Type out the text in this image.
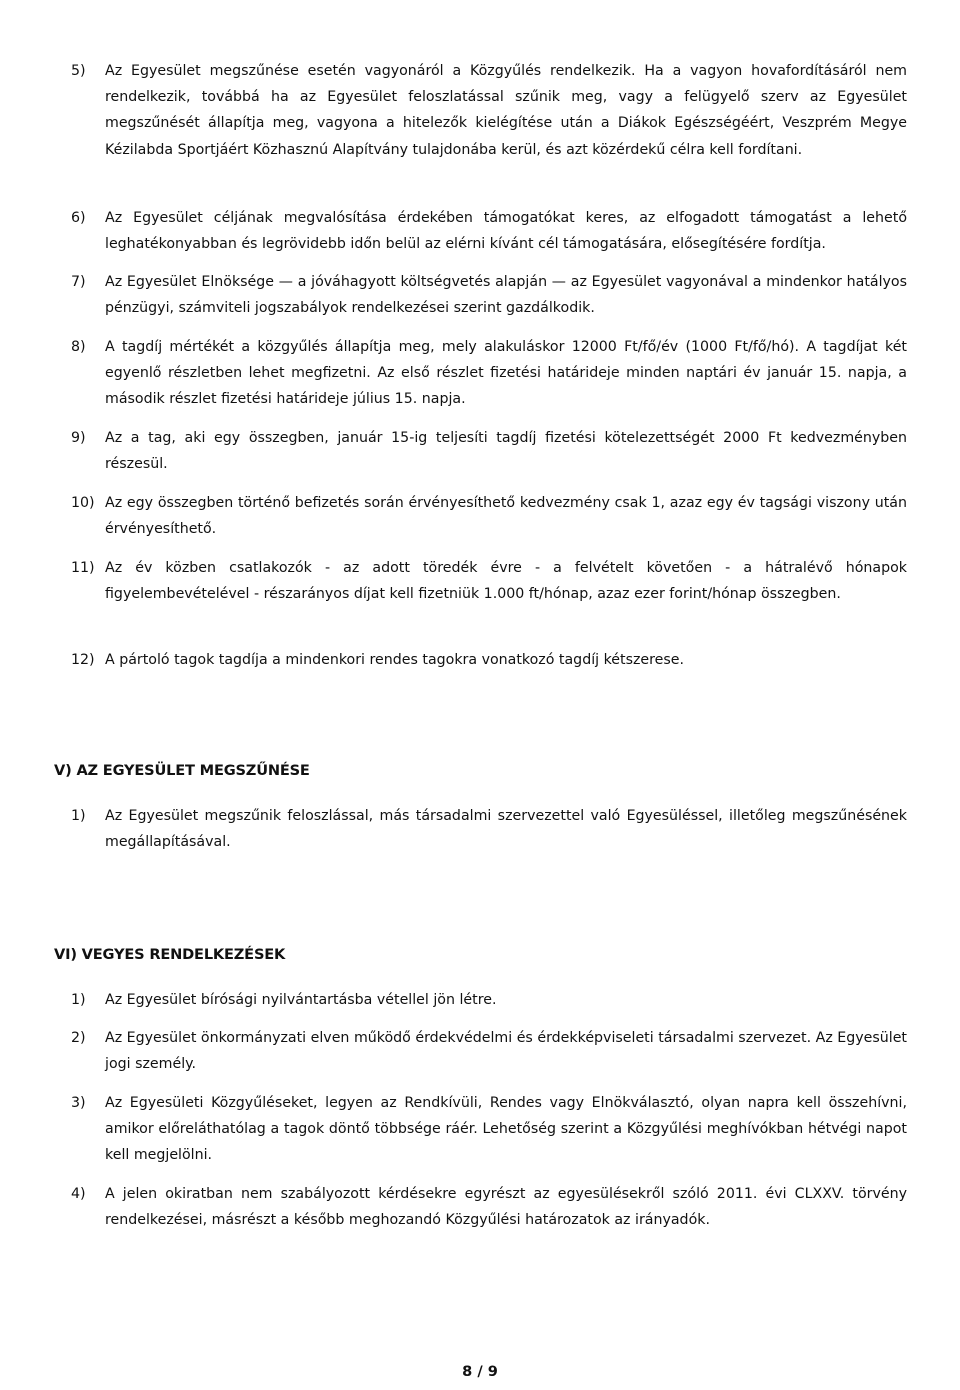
5)	Az Egyesület megszűnése esetén vagyonáról a Közgyűlés rendelkezik. Ha a vagyon hovafordításáról nem rendelkezik, továbbá ha az Egyesület feloszlatással szűnik meg, vagy a felügyelő szerv az Egyesület megszűnését állapítja meg, vagyona a hitelezők kielégítése után a Diákok Egészségéért, Veszprém Megye Kézilabda Sportjáért Közhasznú Alapítvány tulajdonába kerül, és azt közérdekű célra kell fordítani.
6)	Az Egyesület céljának megvalósítása érdekében támogatókat keres, az elfogadott támogatást a lehető leghatékonyabban és legrövidebb időn belül az elérni kívánt cél támogatására, elősegítésére fordítja.
7)	Az Egyesület Elnöksége — a jóváhagyott költségvetés alapján — az Egyesület vagyonával a mindenkor hatályos pénzügyi, számviteli jogszabályok rendelkezései szerint gazdálkodik.
8)	A tagdíj mértékét a közgyűlés állapítja meg, mely alakuláskor 12000 Ft/fő/év (1000 Ft/fő/hó). A tagdíjat két egyenlő részletben lehet megfizetni. Az első részlet fizetési határideje minden naptári év január 15. napja, a második részlet fizetési határideje július 15. napja.
9)	Az a tag, aki egy összegben, január 15-ig teljesíti tagdíj fizetési kötelezettségét 2000 Ft kedvezményben részesül.
10) Az egy összegben történő befizetés során érvényesíthető kedvezmény csak 1, azaz egy év tagsági viszony után érvényesíthető.
11) Az év közben csatlakozók - az adott töredék évre - a felvételt követően - a hátralévő hónapok figyelembevételével - részarányos díjat kell fizetniük 1.000 ft/hónap, azaz ezer forint/hónap összegben.
12) A pártoló tagok tagdíja a mindenkori rendes tagokra vonatkozó tagdíj kétszerese.
V) AZ EGYESÜLET MEGSZŰNÉSE
1)	Az Egyesület megszűnik feloszlással, más társadalmi szervezettel való Egyesüléssel, illetőleg megszűnésének megállapításával.
VI) VEGYES RENDELKEZÉSEK
1)	Az Egyesület bírósági nyilvántartásba vétellel jön létre.
2)	Az Egyesület önkormányzati elven működő érdekvédelmi és érdekképviseleti társadalmi szervezet. Az Egyesület jogi személy.
3)	Az Egyesületi Közgyűléseket, legyen az Rendkívüli, Rendes vagy Elnökválasztó, olyan napra kell összehívni, amikor előreláthatólag a tagok döntő többsége ráér. Lehetőség szerint a Közgyűlési meghívókban hétvégi napot kell megjelölni.
4)	A jelen okiratban nem szabályozott kérdésekre egyrészt az egyesülésekről szóló 2011. évi CLXXV. törvény rendelkezései, másrészt a később meghozandó Közgyűlési határozatok az irányadók.
8 / 9
